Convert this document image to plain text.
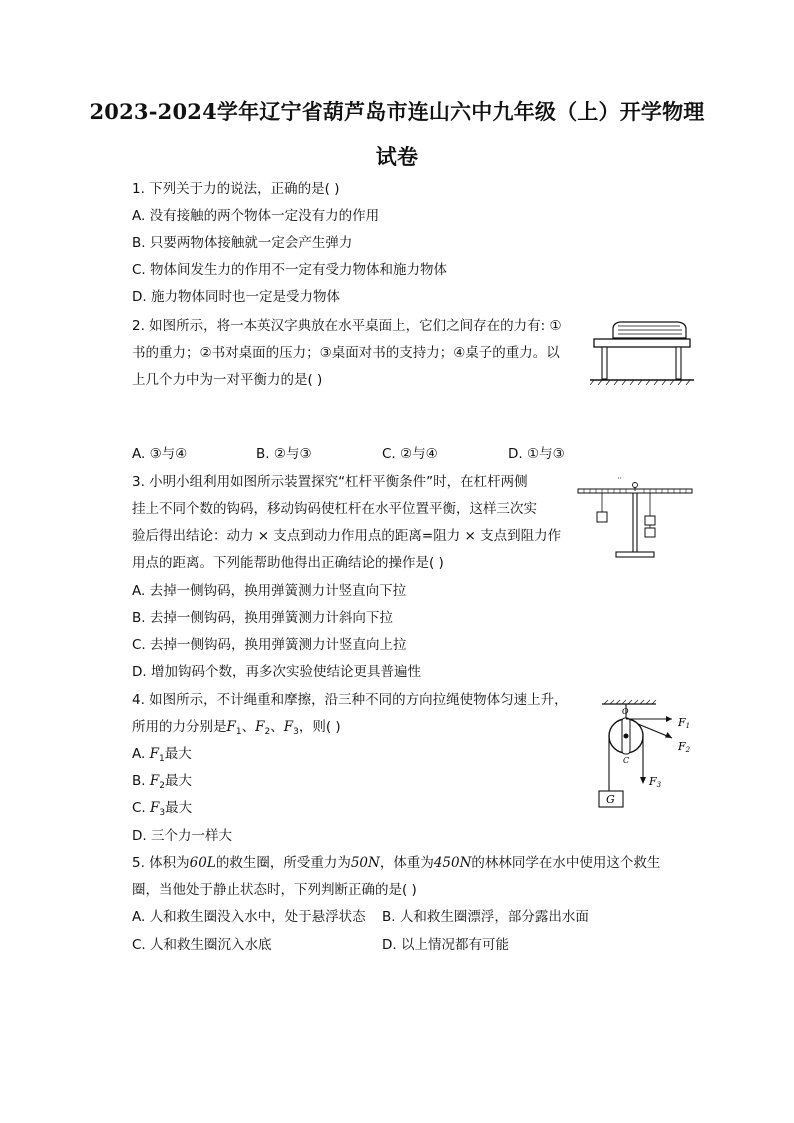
2023-2024学年辽宁省葫芦岛市连山六中九年级（上）开学物理
试卷
1. 下列关于力的说法，正确的是( )
A. 没有接触的两个物体一定没有力的作用
B. 只要两物体接触就一定会产生弹力
C. 物体间发生力的作用不一定有受力物体和施力物体
D. 施力物体同时也一定是受力物体
2. 如图所示，将一本英汉字典放在水平桌面上，它们之间存在的力有: ①
书的重力；②书对桌面的压力；③桌面对书的支持力；④桌子的重力。以
上几个力中为一对平衡力的是( )
A. ③与④	B. ②与③	C. ②与④	D. ①与③
3. 小明小组利用如图所示装置探究“杠杆平衡条件”时，在杠杆两侧
挂上不同个数的钩码，移动钩码使杠杆在水平位置平衡，这样三次实
验后得出结论：动力 × 支点到动力作用点的距离=阻力 × 支点到阻力作
用点的距离。下列能帮助他得出正确结论的操作是( )
A. 去掉一侧钩码，换用弹簧测力计竖直向下拉
B. 去掉一侧钩码，换用弹簧测力计斜向下拉
C. 去掉一侧钩码，换用弹簧测力计竖直向上拉
D. 增加钩码个数，再多次实验使结论更具普遍性
4. 如图所示，不计绳重和摩擦，沿三种不同的方向拉绳使物体匀速上升，
所用的力分别是$F_1$、$F_2$、$F_3$，则( )
A. $F_1$最大
B. $F_2$最大
C. $F_3$最大
D. 三个力一样大
O
C
G
F1
F2
F3
5. 体积为60L的救生圈，所受重力为50N，体重为450N的林林同学在水中使用这个救生
圈，当他处于静止状态时，下列判断正确的是( )
A. 人和救生圈没入水中，处于悬浮状态 B. 人和救生圈漂浮，部分露出水面
C. 人和救生圈沉入水底	D. 以上情况都有可能
